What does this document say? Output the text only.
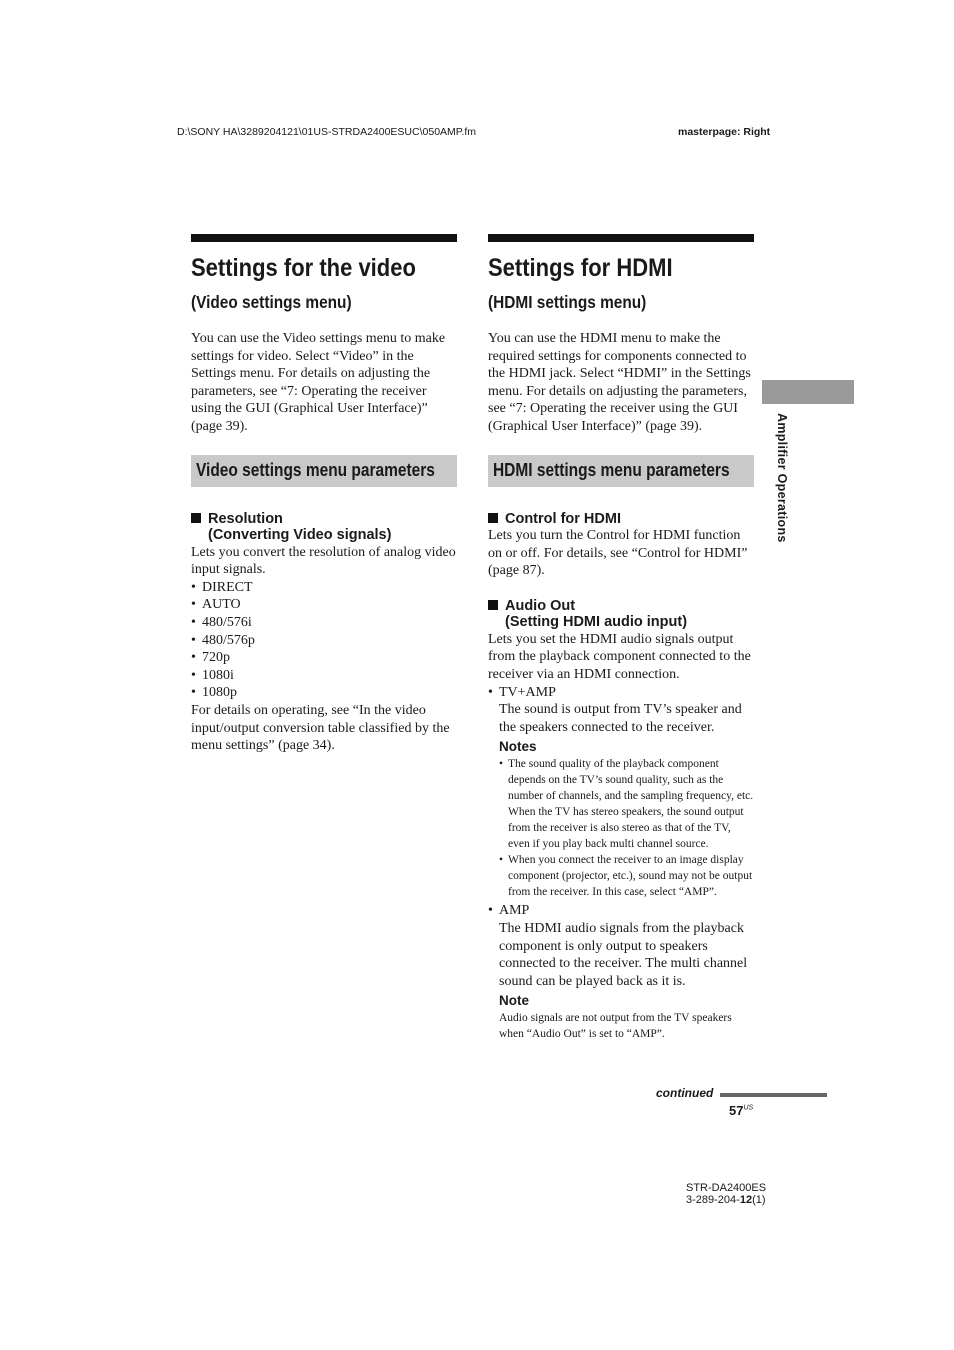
D:\SONY HA\3289204121\01US-STRDA2400ESUC\050AMP.fm	masterpage: Right
Settings for the video
(Video settings menu)

You can use the Video settings menu to make settings for video. Select “Video” in the Settings menu. For details on adjusting the parameters, see “7: Operating the receiver using the GUI (Graphical User Interface)” (page 39).

Video settings menu parameters
Resolution
(Converting Video signals)

Lets you convert the resolution of analog video input signals.

• DIRECT
• AUTO
• 480/576i
• 480/576p
• 720p
• 1080i
• 1080p

For details on operating, see “In the video input/output conversion table classified by the menu settings” (page 34).

Settings for HDMI
(HDMI settings menu)

You can use the HDMI menu to make the required settings for components connected to the HDMI jack. Select “HDMI” in the Settings menu. For details on adjusting the parameters, see “7: Operating the receiver using the GUI (Graphical User Interface)” (page 39).

HDMI settings menu parameters
Control for HDMI

Lets you turn the Control for HDMI function on or off. For details, see “Control for HDMI” (page 87).

Audio Out
(Setting HDMI audio input)

Lets you set the HDMI audio signals output from the playback component connected to the receiver via an HDMI connection.

• TV+AMP

The sound is output from TV’s speaker and the speakers connected to the receiver.

Notes
• The sound quality of the playback component depends on the TV’s sound quality, such as the number of channels, and the sampling frequency, etc. When the TV has stereo speakers, the sound output from the receiver is also stereo as that of the TV, even if you play back multi channel source.
• When you connect the receiver to an image display component (projector, etc.), sound may not be output from the receiver. In this case, select “AMP”.
• AMP

The HDMI audio signals from the playback component is only output to speakers connected to the receiver. The multi channel sound can be played back as it is.

Note

Audio signals are not output from the TV speakers when “Audio Out” is set to “AMP”.

Amplifier Operations
continued
$57^{US}$
STR-DA2400ES
3-289-204-12(1)
